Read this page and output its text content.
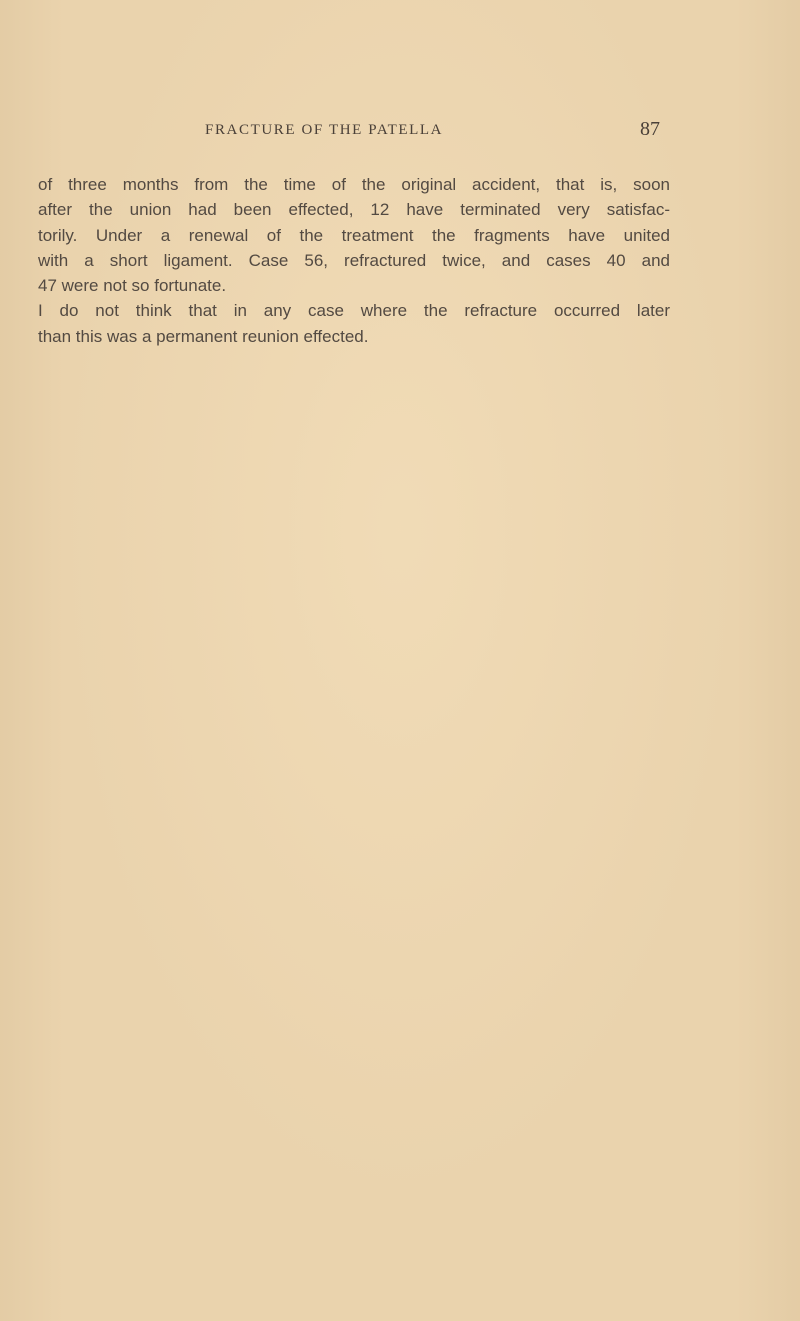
FRACTURE OF THE PATELLA	87
of three months from the time of the original accident, that is, soon
after the union had been effected, 12 have terminated very satisfac-
torily. Under a renewal of the treatment the fragments have united
with a short ligament. Case 56, refractured twice, and cases 40 and
47 were not so fortunate.
I do not think that in any case where the refracture occurred later
than this was a permanent reunion effected.
